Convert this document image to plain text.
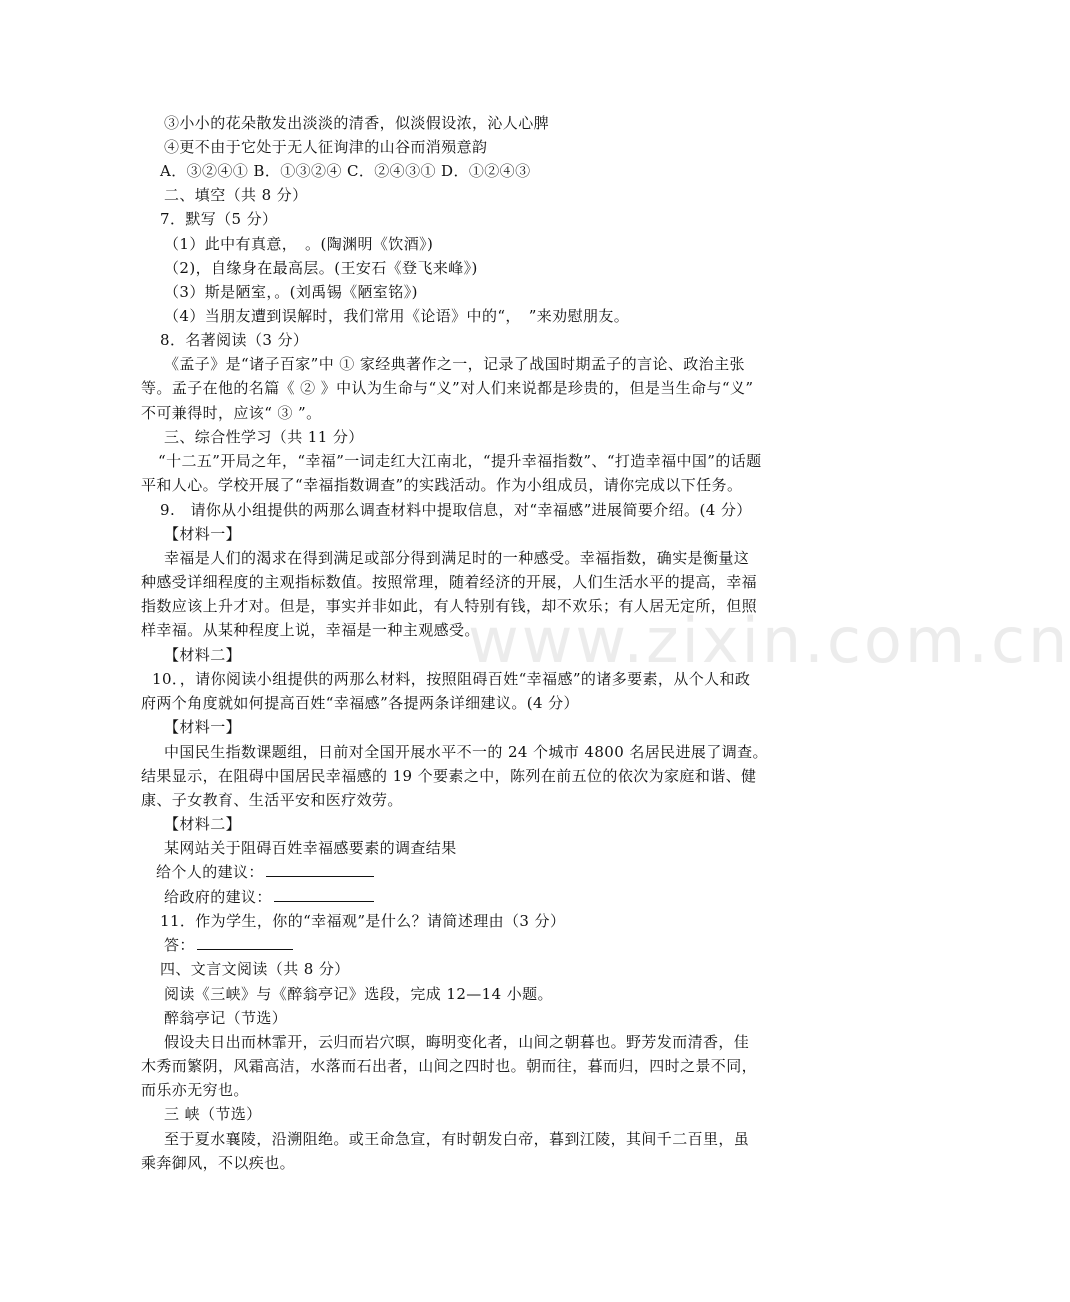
www.zixin.com.cn
③小小的花朵散发出淡淡的清香，似淡假设浓，沁人心脾
④更不由于它处于无人征询津的山谷而消殒意韵
A．③②④① B．①③②④ C．②④③① D．①②④③
二、填空（共 8 分）
7．默写（5 分）
（1）此中有真意，　。(陶渊明《饮酒》)
（2)，自缘身在最高层。(王安石《登飞来峰》)
（3）斯是陋室，。(刘禹锡《陋室铭》)
（4）当朋友遭到误解时，我们常用《论语》中的“，　”来劝慰朋友。
8．名著阅读（3 分）
《孟子》是“诸子百家”中 ① 家经典著作之一，记录了战国时期孟子的言论、政治主张
等。孟子在他的名篇《 ② 》中认为生命与“义”对人们来说都是珍贵的，但是当生命与“义”
不可兼得时，应该“ ③ ”。
三、综合性学习（共 11 分）
“十二五”开局之年，“幸福”一词走红大江南北，“提升幸福指数”、“打造幸福中国”的话题
平和人心。学校开展了“幸福指数调查”的实践活动。作为小组成员，请你完成以下任务。
9.　请你从小组提供的两那么调查材料中提取信息，对“幸福感”进展简要介绍。(4 分）
【材料一】
幸福是人们的渴求在得到满足或部分得到满足时的一种感受。幸福指数，确实是衡量这
种感受详细程度的主观指标数值。按照常理，随着经济的开展，人们生活水平的提高，幸福
指数应该上升才对。但是，事实并非如此，有人特别有钱，却不欢乐；有人居无定所，但照
样幸福。从某种程度上说，幸福是一种主观感受。
【材料二】
10．，请你阅读小组提供的两那么材料，按照阻碍百姓“幸福感”的诸多要素，从个人和政
府两个角度就如何提高百姓“幸福感”各提两条详细建议。(4 分）
【材料一】
中国民生指数课题组，日前对全国开展水平不一的 24 个城市 4800 名居民进展了调查。
结果显示，在阻碍中国居民幸福感的 19 个要素之中，陈列在前五位的依次为家庭和谐、健
康、子女教育、生活平安和医疗效劳。
【材料二】
某网站关于阻碍百姓幸福感要素的调查结果
给个人的建议：
给政府的建议：
11．作为学生，你的“幸福观”是什么？请简述理由（3 分）
答：
四、文言文阅读（共 8 分）
阅读《三峡》与《醉翁亭记》选段，完成 12—14 小题。
醉翁亭记（节选）
假设夫日出而林霏开，云归而岩穴暝，晦明变化者，山间之朝暮也。野芳发而清香，佳
木秀而繁阴，风霜高洁，水落而石出者，山间之四时也。朝而往，暮而归，四时之景不同，
而乐亦无穷也。
三 峡（节选）
至于夏水襄陵，沿溯阻绝。或王命急宣，有时朝发白帝，暮到江陵，其间千二百里，虽
乘奔御风，不以疾也。
